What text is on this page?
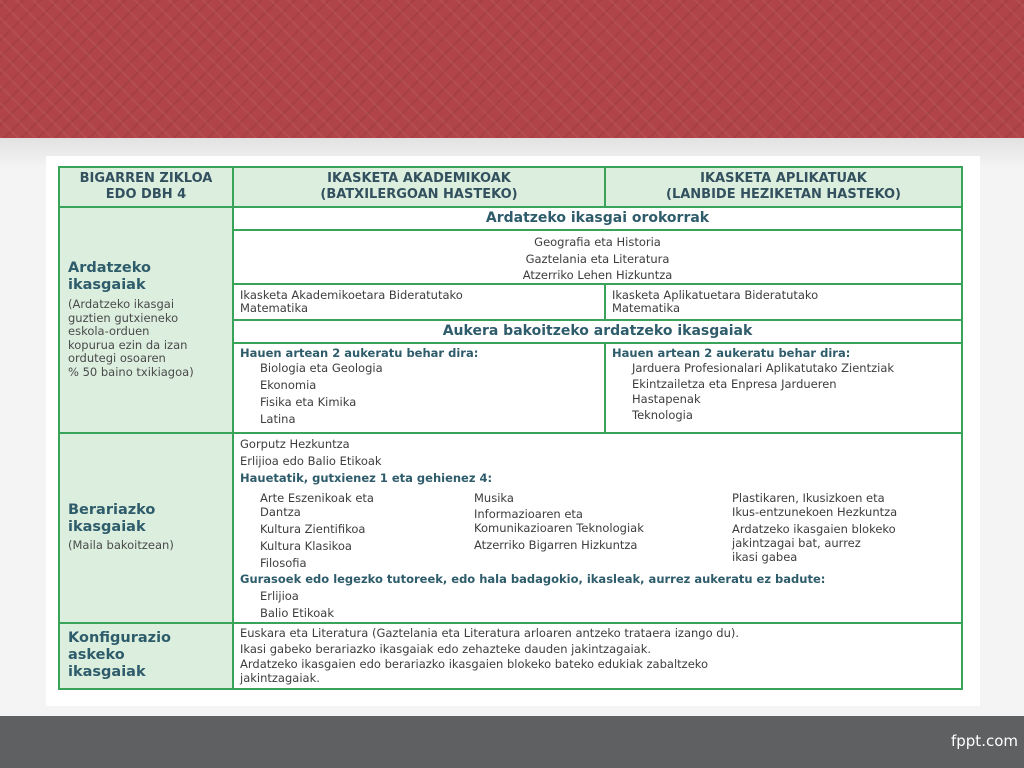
fppt.com
BIGARREN ZIKLOA
EDO DBH 4
IKASKETA AKADEMIKOAK
(BATXILERGOAN HASTEKO)
IKASKETA APLIKATUAK
(LANBIDE HEZIKETAN HASTEKO)
Ardatzeko
ikasgaiak
(Ardatzeko ikasgai
guztien gutxieneko
eskola-orduen
kopurua ezin da izan
ordutegi osoaren
% 50 baino txikiagoa)
Ardatzeko ikasgai orokorrak
Geografia eta Historia
Gaztelania eta Literatura
Atzerriko Lehen Hizkuntza
Ikasketa Akademikoetara Bideratutako
Matematika
Ikasketa Aplikatuetara Bideratutako
Matematika
Aukera bakoitzeko ardatzeko ikasgaiak
Hauen artean 2 aukeratu behar dira:
Biologia eta Geologia
Ekonomia
Fisika eta Kimika
Latina
Hauen artean 2 aukeratu behar dira:
Jarduera Profesionalari Aplikatutako Zientziak
Ekintzailetza eta Enpresa Jardueren
Hastapenak
Teknologia
Berariazko
ikasgaiak
(Maila bakoitzean)
Gorputz Hezkuntza
Erlijioa edo Balio Etikoak
Hauetatik, gutxienez 1 eta gehienez 4:
Arte Eszenikoak eta
Dantza
Kultura Zientifikoa
Kultura Klasikoa
Filosofia
Musika
Informazioaren eta
Komunikazioaren Teknologiak
Atzerriko Bigarren Hizkuntza
Plastikaren, Ikusizkoen eta
Ikus-entzunekoen Hezkuntza
Ardatzeko ikasgaien blokeko
jakintzagai bat, aurrez
ikasi gabea
Gurasoek edo legezko tutoreek, edo hala badagokio, ikasleak, aurrez aukeratu ez badute:
Erlijioa
Balio Etikoak
Konfigurazio
askeko
ikasgaiak
Euskara eta Literatura (Gaztelania eta Literatura arloaren antzeko trataera izango du).
Ikasi gabeko berariazko ikasgaiak edo zehazteke dauden jakintzagaiak.
Ardatzeko ikasgaien edo berariazko ikasgaien blokeko bateko edukiak zabaltzeko
jakintzagaiak.
